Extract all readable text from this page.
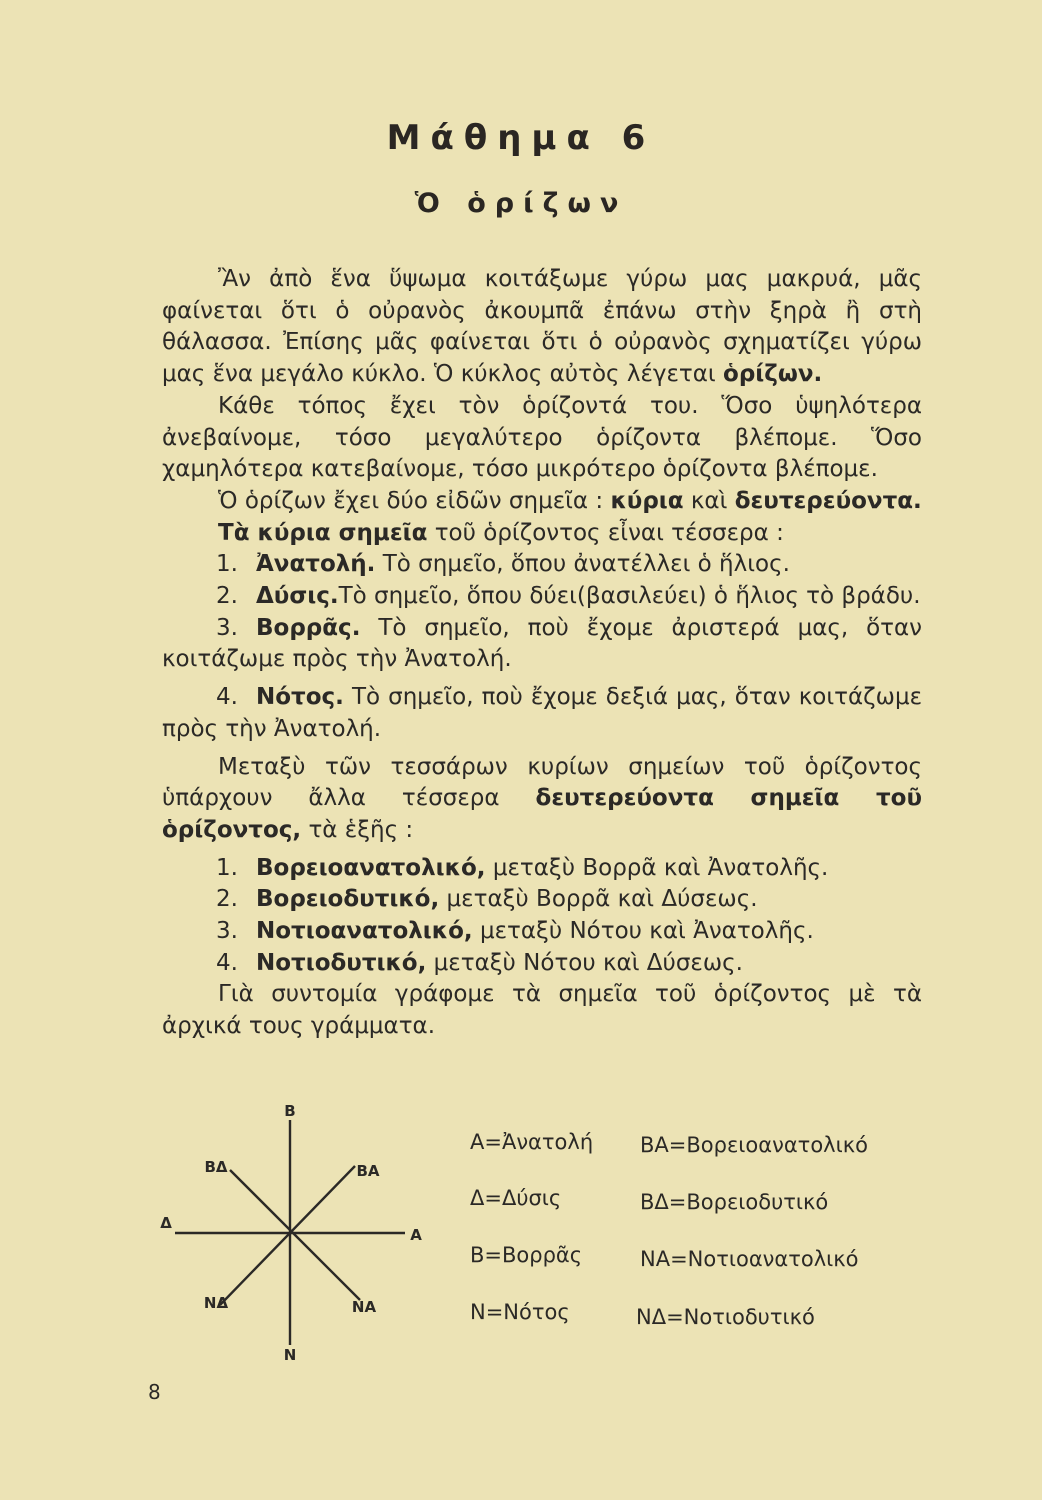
Μάθημα 6
Ὁ ὁρίζων
Ἂν ἀπὸ ἕνα ὕψωμα κοιτάξωμε γύρω μας μακρυά, μᾶς φαίνεται ὅτι ὁ οὐρανὸς ἀκουμπᾶ ἐπάνω στὴν ξηρὰ ἢ στὴ θάλασσα. Ἐπίσης μᾶς φαίνεται ὅτι ὁ οὐρανὸς σχηματίζει γύρω μας ἕνα μεγάλο κύκλο. Ὁ κύκλος αὐτὸς λέγεται ὁρίζων.
Κάθε τόπος ἔχει τὸν ὁρίζοντά του. Ὅσο ὑψηλότερα ἀνεβαίνομε, τόσο μεγαλύτερο ὁρίζοντα βλέπομε. Ὅσο χαμηλότερα κατεβαίνομε, τόσο μικρότερο ὁρίζοντα βλέπομε.
Ὁ ὁρίζων ἔχει δύο εἰδῶν σημεῖα : κύρια καὶ δευτερεύοντα.
Τὰ κύρια σημεῖα τοῦ ὁρίζοντος εἶναι τέσσερα :
1. Ἀνατολή. Τὸ σημεῖο, ὅπου ἀνατέλλει ὁ ἥλιος.
2. Δύσις.Τὸ σημεῖο, ὅπου δύει(βασιλεύει) ὁ ἥλιος τὸ βράδυ.
3. Βορρᾶς. Τὸ σημεῖο, ποὺ ἔχομε ἀριστερά μας, ὅταν κοιτάζωμε πρὸς τὴν Ἀνατολή.
4. Νότος. Τὸ σημεῖο, ποὺ ἔχομε δεξιά μας, ὅταν κοιτάζωμε πρὸς τὴν Ἀνατολή.
Μεταξὺ τῶν τεσσάρων κυρίων σημείων τοῦ ὁρίζοντος ὑπάρχουν ἄλλα τέσσερα δευτερεύοντα σημεῖα τοῦ ὁρίζοντος, τὰ ἑξῆς :
1. Βορειοανατολικό, μεταξὺ Βορρᾶ καὶ Ἀνατολῆς.
2. Βορειοδυτικό, μεταξὺ Βορρᾶ καὶ Δύσεως.
3. Νοτιοανατολικό, μεταξὺ Νότου καὶ Ἀνατολῆς.
4. Νοτιοδυτικό, μεταξὺ Νότου καὶ Δύσεως.
Γιὰ συντομία γράφομε τὰ σημεῖα τοῦ ὁρίζοντος μὲ τὰ ἀρχικά τους γράμματα.
Β
Ν
Α
Δ
ΒΑ
ΒΔ
ΝΑ
ΝΔ
Α=Ἀνατολή
Δ=Δύσις
Β=Βορρᾶς
Ν=Νότος
ΒΑ=Βορειοανατολικό
ΒΔ=Βορειοδυτικό
ΝΑ=Νοτιοανατολικό
ΝΔ=Νοτιοδυτικό
8
